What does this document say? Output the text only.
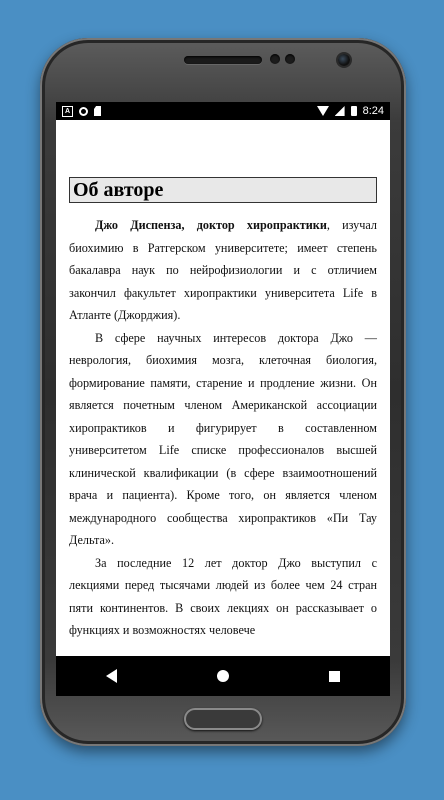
A	8:24
Об авторе

Джо Диспенза, доктор хиропрактики, изучал биохимию в Ратгерском университете; имеет степень бакалавра наук по нейрофизиологии и с отличием закончил факультет хиропрактики университета Life в Атланте (Джорджия).

В сфере научных интересов доктора Джо — неврология, биохимия мозга, клеточная биология, формирование памяти, старение и продление жизни. Он является почетным членом Американской ассоциации хиропрактиков и фигурирует в составленном университетом Life списке профессионалов высшей клинической квалификации (в сфере взаимоотношений врача и пациента). Кроме того, он является членом международного сообщества хиропрактиков «Пи Тау Дельта».

За последние 12 лет доктор Джо выступил с лекциями перед тысячами людей из более чем 24 стран пяти континентов. В своих лекциях он рассказывает о функциях и возможностях человече
